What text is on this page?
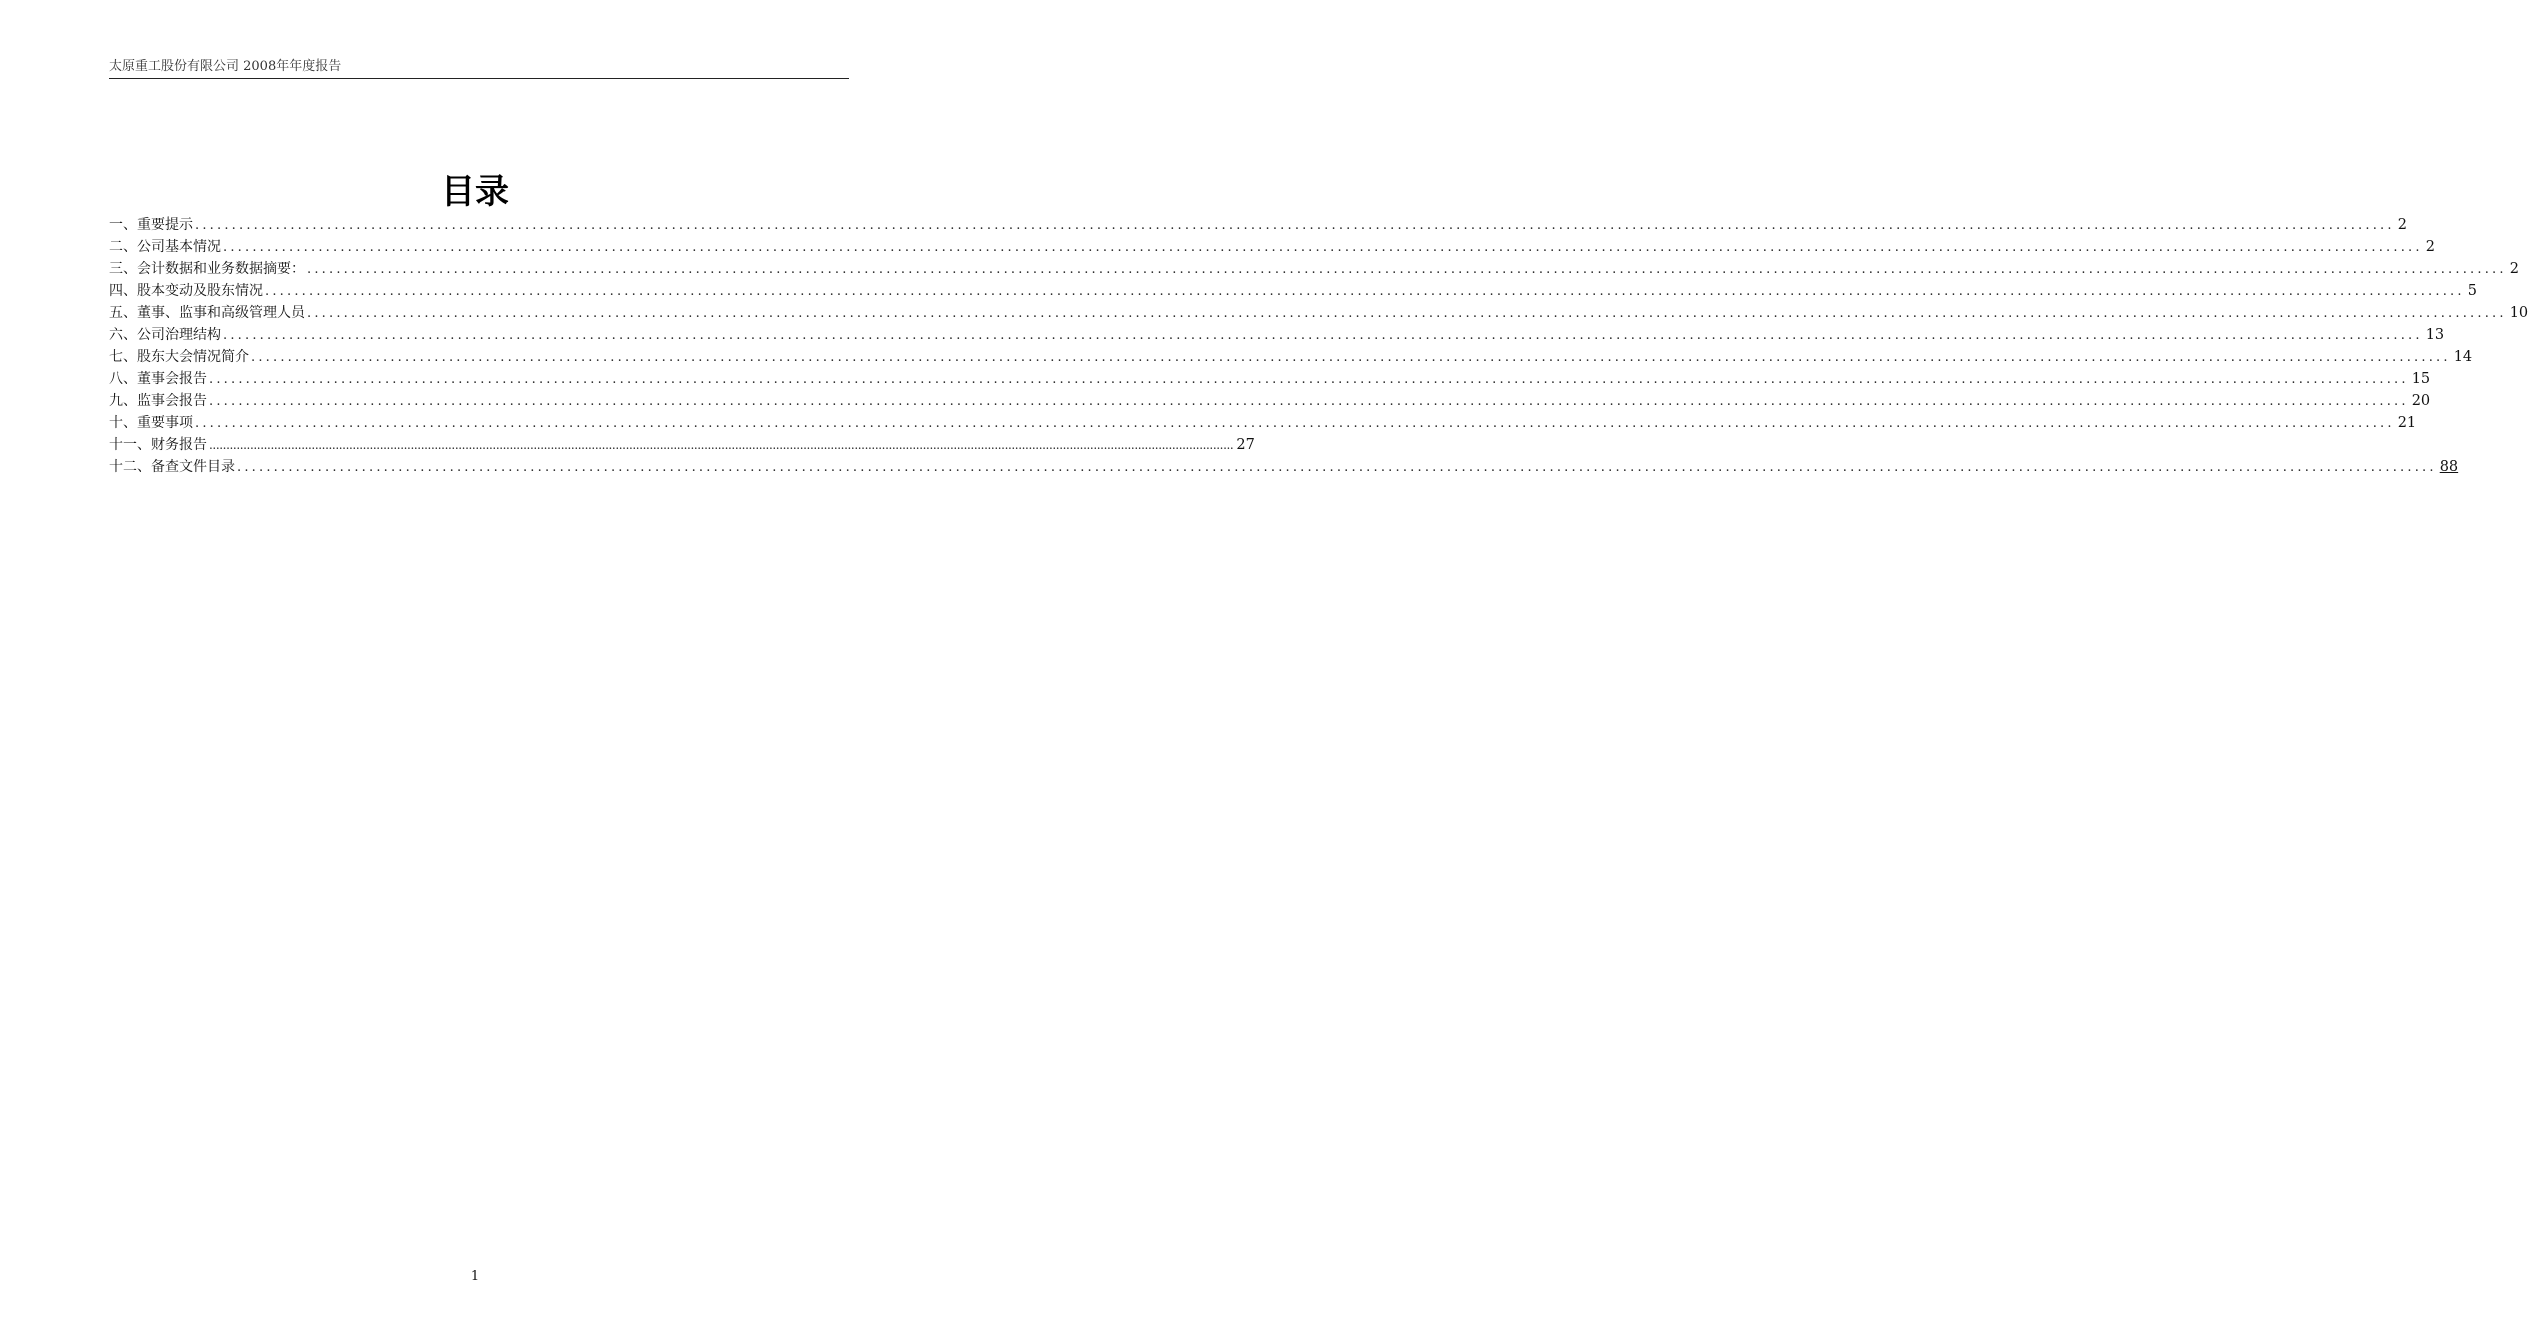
太原重工股份有限公司 2008年年度报告
目录
一、重要提示 ............................................................................................................................................................................................................................................................................................................ 2
二、公司基本情况 ............................................................................................................................................................................................................................................................................................................ 2
三、会计数据和业务数据摘要： ............................................................................................................................................................................................................................................................................................................ 2
四、股本变动及股东情况 ............................................................................................................................................................................................................................................................................................................ 5
五、董事、监事和高级管理人员 ............................................................................................................................................................................................................................................................................................................ 10
六、公司治理结构 ............................................................................................................................................................................................................................................................................................................ 13
七、股东大会情况简介 ............................................................................................................................................................................................................................................................................................................ 14
八、董事会报告 ............................................................................................................................................................................................................................................................................................................ 15
九、监事会报告 ............................................................................................................................................................................................................................................................................................................ 20
十、重要事项 ............................................................................................................................................................................................................................................................................................................ 21
十一、财务报告 ............................................................................................................................................................................................................................................................................................................ 27
十二、备查文件目录 ............................................................................................................................................................................................................................................................................................................ 88
1
